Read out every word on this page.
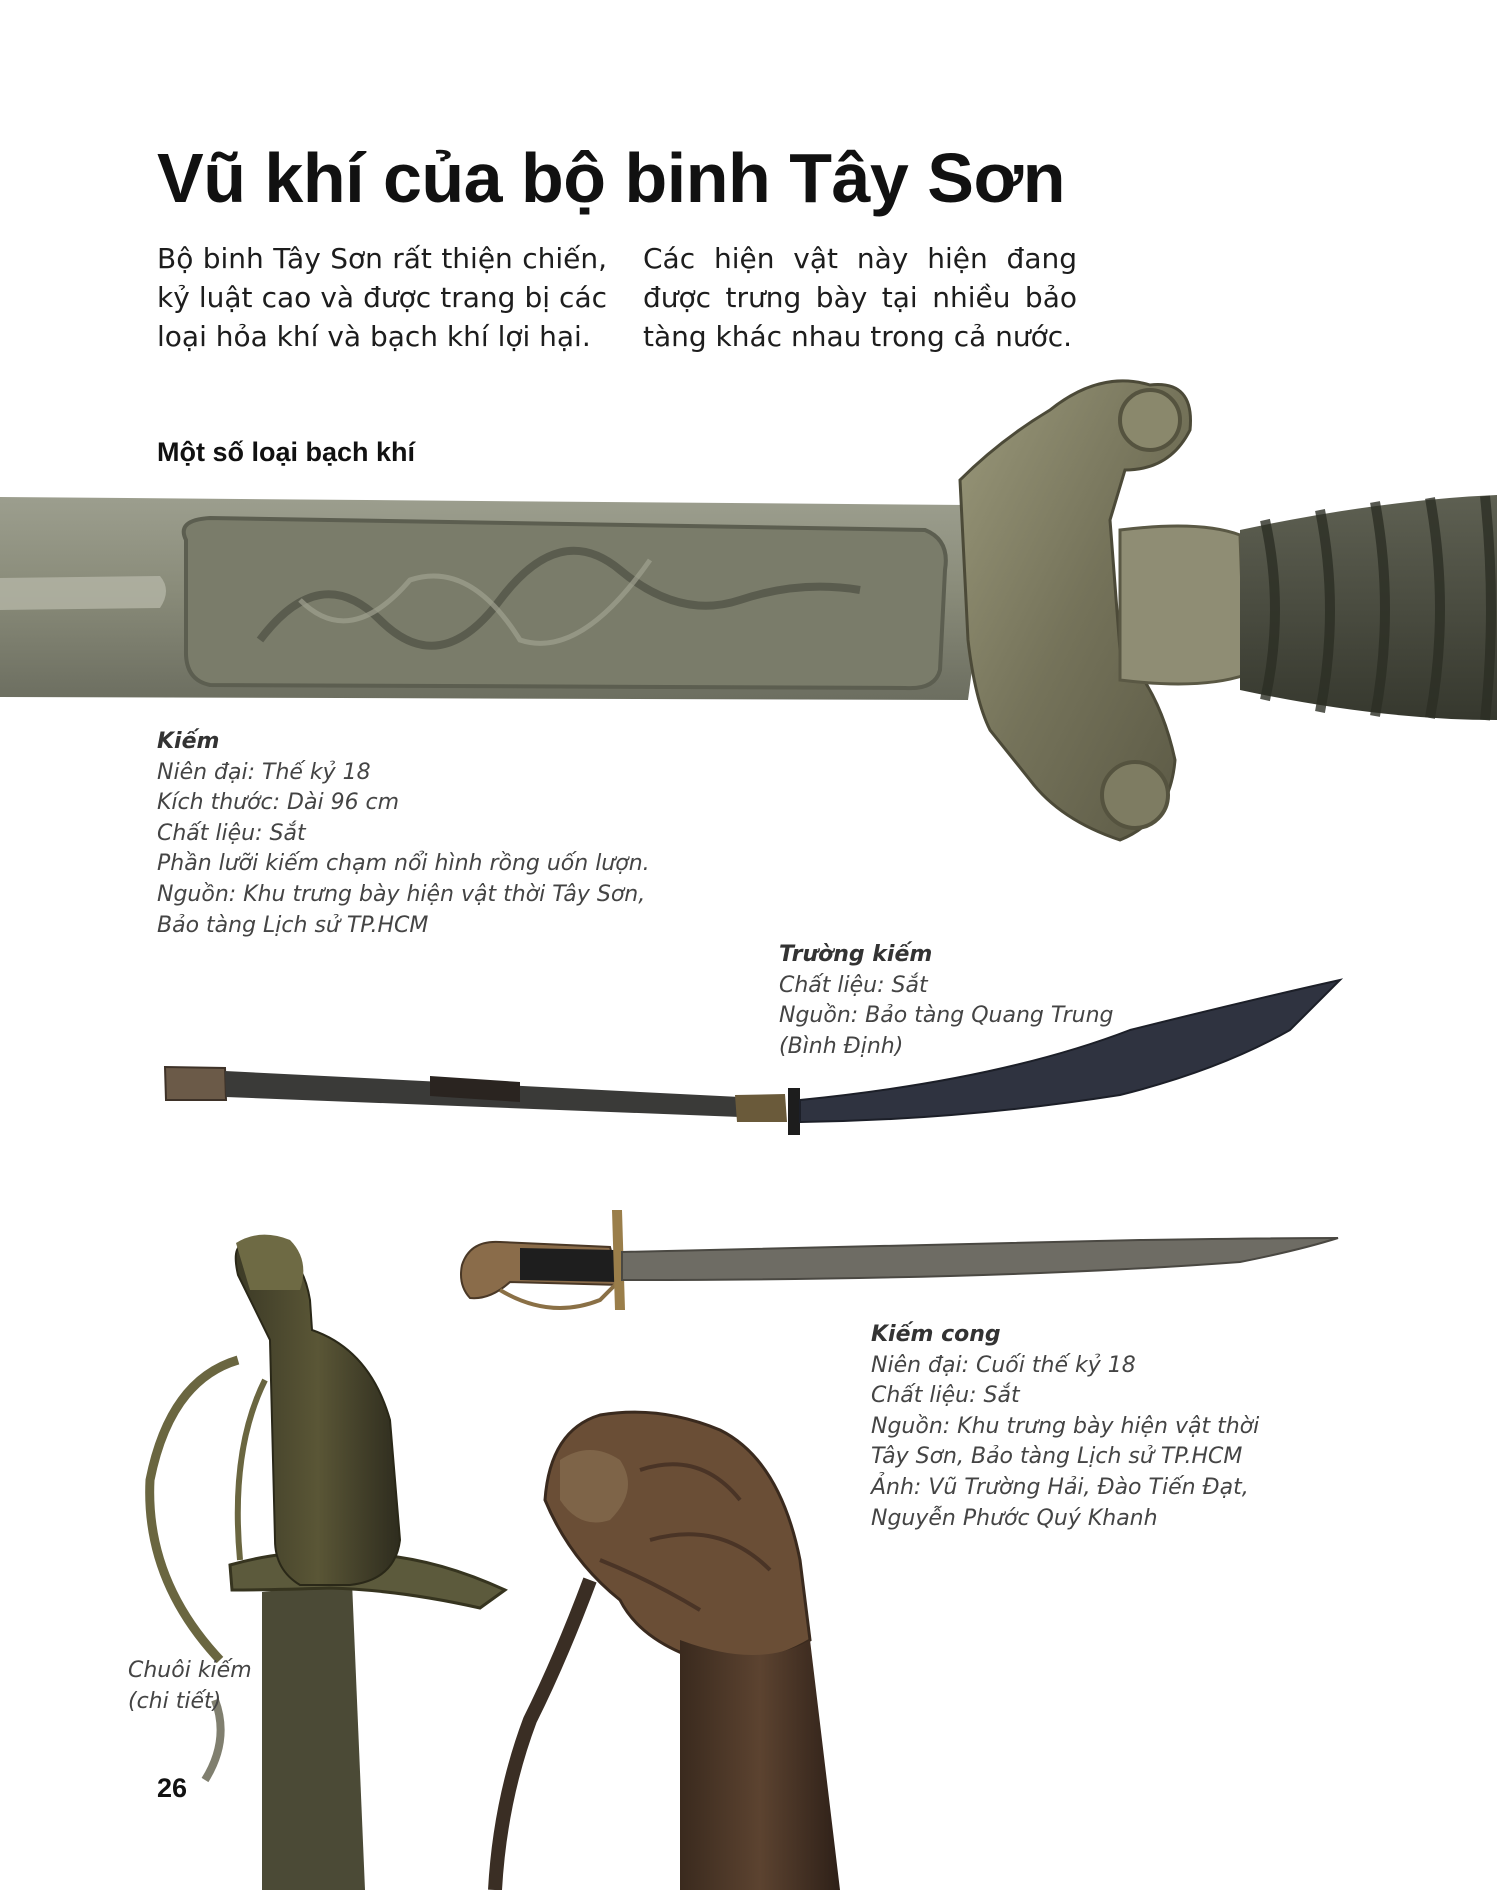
Vũ khí của bộ binh Tây Sơn

Bộ binh Tây Sơn rất thiện chiến, kỷ luật cao và được trang bị các loại hỏa khí và bạch khí lợi hại.

Các hiện vật này hiện đang được trưng bày tại nhiều bảo tàng khác nhau trong cả nước.

Một số loại bạch khí
Kiếm
Niên đại: Thế kỷ 18
Kích thước: Dài 96 cm
Chất liệu: Sắt
Phần lưỡi kiếm chạm nổi hình rồng uốn lượn.
Nguồn: Khu trưng bày hiện vật thời Tây Sơn,
Bảo tàng Lịch sử TP.HCM
Trường kiếm
Chất liệu: Sắt
Nguồn: Bảo tàng Quang Trung
(Bình Định)
Kiếm cong
Niên đại: Cuối thế kỷ 18
Chất liệu: Sắt
Nguồn: Khu trưng bày hiện vật thời
Tây Sơn, Bảo tàng Lịch sử TP.HCM
Ảnh: Vũ Trường Hải, Đào Tiến Đạt,
Nguyễn Phước Quý Khanh
Chuôi kiếm
(chi tiết)
26
